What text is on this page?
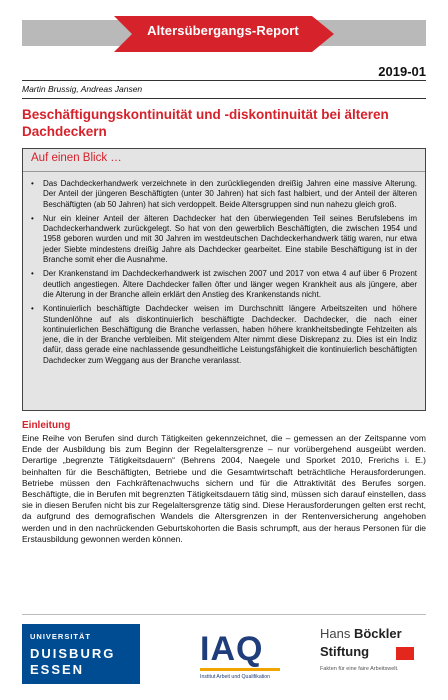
Altersübergangs-Report
2019-01
Martin Brussig, Andreas Jansen
Beschäftigungskontinuität und -diskontinuität bei älteren Dachdeckern
Auf einen Blick …
• Das Dachdeckerhandwerk verzeichnete in den zurückliegenden dreißig Jahren eine massive Alterung. Der Anteil der jüngeren Beschäftigten (unter 30 Jahren) hat sich fast halbiert, und der Anteil der älteren Beschäftigten (ab 50 Jahren) hat sich verdoppelt. Beide Altersgruppen sind nun nahezu gleich groß.
• Nur ein kleiner Anteil der älteren Dachdecker hat den überwiegenden Teil seines Berufslebens im Dachdeckerhandwerk zurückgelegt. So hat von den gewerblich Beschäftigten, die zwischen 1954 und 1958 geboren wurden und mit 30 Jahren im westdeutschen Dachdeckerhandwerk tätig waren, nur etwa jeder Siebte mindestens dreißig Jahre als Dachdecker gearbeitet. Eine stabile Beschäftigung ist in der Branche somit eher die Ausnahme.
• Der Krankenstand im Dachdeckerhandwerk ist zwischen 2007 und 2017 von etwa 4 auf über 6 Prozent deutlich angestiegen. Ältere Dachdecker fallen öfter und länger wegen Krankheit aus als jüngere, aber die Alterung in der Branche allein erklärt den Anstieg des Krankenstands nicht.
• Kontinuierlich beschäftigte Dachdecker weisen im Durchschnitt längere Arbeitszeiten und höhere Stundenlöhne auf als diskontinuierlich beschäftigte Dachdecker. Dachdecker, die nach einer kontinuierlichen Beschäftigung die Branche verlassen, haben höhere krankheitsbedingte Fehlzeiten als jene, die in der Branche verbleiben. Mit steigendem Alter nimmt diese Diskrepanz zu. Dies ist ein Indiz dafür, dass gerade eine nachlassende gesundheitliche Leistungsfähigkeit die kontinuierlich beschäftigten Dachdecker zum Weggang aus der Branche veranlasst.
Einleitung

Eine Reihe von Berufen sind durch Tätigkeiten gekennzeichnet, die – gemessen an der Zeitspanne vom Ende der Ausbildung bis zum Beginn der Regelaltersgrenze – nur vorübergehend ausgeübt werden. Derartige „begrenzte Tätigkeitsdauern“ (Behrens 2004, Naegele und Sporket 2010, Frerichs i. E.) beinhalten für die Beschäftigten, Betriebe und die Gesamtwirtschaft beträchtliche Herausforderungen. Betriebe müssen den Fachkräftenachwuchs sichern und für die Attraktivität des Berufes sorgen. Beschäftigte, die in Berufen mit begrenzten Tätigkeitsdauern tätig sind, müssen sich darauf einstellen, dass sie in diesen Berufen nicht bis zur Regelaltersgrenze tätig sind. Diese Herausforderungen gelten erst recht, da aufgrund des demografischen Wandels die Altersgrenzen in der Rentenversicherung angehoben werden und in den nachrückenden Geburtskohorten die Basis schrumpft, aus der heraus Personen für die Erstausbildung gewonnen werden können.

UNIVERSITÄT
DUISBURG
ESSEN
IAQ
Institut Arbeit und Qualifikation
Hans Böckler
Stiftung
Fakten für eine faire Arbeitswelt.
